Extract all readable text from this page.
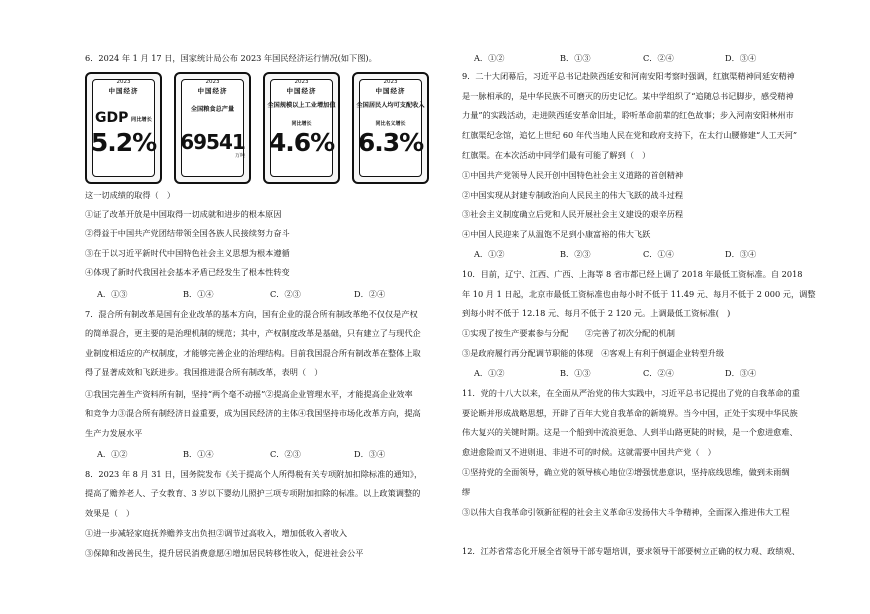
6．2024 年 1 月 17 日，国家统计局公布 2023 年国民经济运行情况(如下图)。
2023
中国经济
GDP 同比增长
5.2%
2023
中国经济
全国粮食总产量
69541
万吨
2023
中国经济
全国规模以上工业增加值
同比增长
4.6%
2023
中国经济
全国居民人均可支配收入
同比名义增长
6.3%
这一切成绩的取得（　）
①证了改革开放是中国取得一切成就和进步的根本原因
②得益于中国共产党团结带领全国各族人民接续努力奋斗
③在于以习近平新时代中国特色社会主义思想为根本遵循
④体现了新时代我国社会基本矛盾已经发生了根本性转变
A．①③	B．①④	C．②③	D．②④
7．混合所有制改革是国有企业改革的基本方向，国有企业的混合所有制改革绝不仅仅是产权
的简单混合，更主要的是治理机制的规范；其中，产权制度改革是基础，只有建立了与现代企
业制度相适应的产权制度，才能够完善企业的治理结构。目前我国混合所有制改革在整体上取
得了显著成效和飞跃进步。我国推进混合所有制改革，表明（　）
①我国完善生产资料所有制，坚持“两个毫不动摇”②提高企业管理水平，才能提高企业效率
和竞争力③混合所有制经济日益重要，成为国民经济的主体④我国坚持市场化改革方向，提高
生产力发展水平
A．①②	B．①④	C．②③	D．③④
8．2023 年 8 月 31 日，国务院发布《关于提高个人所得税有关专项附加扣除标准的通知》，
提高了赡养老人、子女教育、3 岁以下婴幼儿照护三项专项附加扣除的标准。以上政策调整的
效果是（　）
①进一步减轻家庭抚养赡养支出负担②调节过高收入，增加低收入者收入
③保障和改善民生，提升居民消费意愿④增加居民转移性收入，促进社会公平
A．①②	B．①③	C．②④	D．③④
9．二十大闭幕后，习近平总书记赴陕西延安和河南安阳考察时强调，红旗渠精神同延安精神
是一脉相承的，是中华民族不可磨灭的历史记忆。某中学组织了“追随总书记脚步，感受精神
力量”的实践活动，走进陕西延安革命旧址，聆听革命前辈的红色故事；步入河南安阳林州市
红旗渠纪念馆，追忆上世纪 60 年代当地人民在党和政府支持下，在太行山腰修建“人工天河”
红旗渠。在本次活动中同学们最有可能了解到（　）
①中国共产党领导人民开创中国特色社会主义道路的首创精神
②中国实现从封建专制政治向人民民主的伟大飞跃的战斗过程
③社会主义制度确立后党和人民开展社会主义建设的艰辛历程
④中国人民迎来了从温饱不足到小康富裕的伟大飞跃
A．①②	B．②③	C．①④	D．③④
10．目前，辽宁、江西、广西、上海等 8 省市都已经上调了 2018 年最低工资标准。自 2018
年 10 月 1 日起，北京市最低工资标准也由每小时不低于 11.49 元、每月不低于 2 000 元，调整
到每小时不低于 12.18 元、每月不低于 2 120 元。上调最低工资标准(　)
①实现了按生产要素参与分配　　②完善了初次分配的机制
③是政府履行再分配调节职能的体现　④客观上有利于倒逼企业转型升级
A．①②	B．①③	C．②④	D．③④
11．党的十八大以来，在全面从严治党的伟大实践中，习近平总书记提出了党的自我革命的重
要论断并形成战略思想，开辟了百年大党自我革命的新境界。当今中国，正处于实现中华民族
伟大复兴的关键时期。这是一个船到中流浪更急、人到半山路更陡的时候，是一个愈进愈难、
愈进愈险而又不进则退、非进不可的时候。这就需要中国共产党（　）
①坚持党的全面领导，确立党的领导核心地位②增强忧患意识，坚持底线思维，做到未雨绸
缪
③以伟大自我革命引领新征程的社会主义革命④发扬伟大斗争精神，全面深入推进伟大工程
12．江苏省常态化开展全省领导干部专题培训，要求领导干部要树立正确的权力观、政绩观、
